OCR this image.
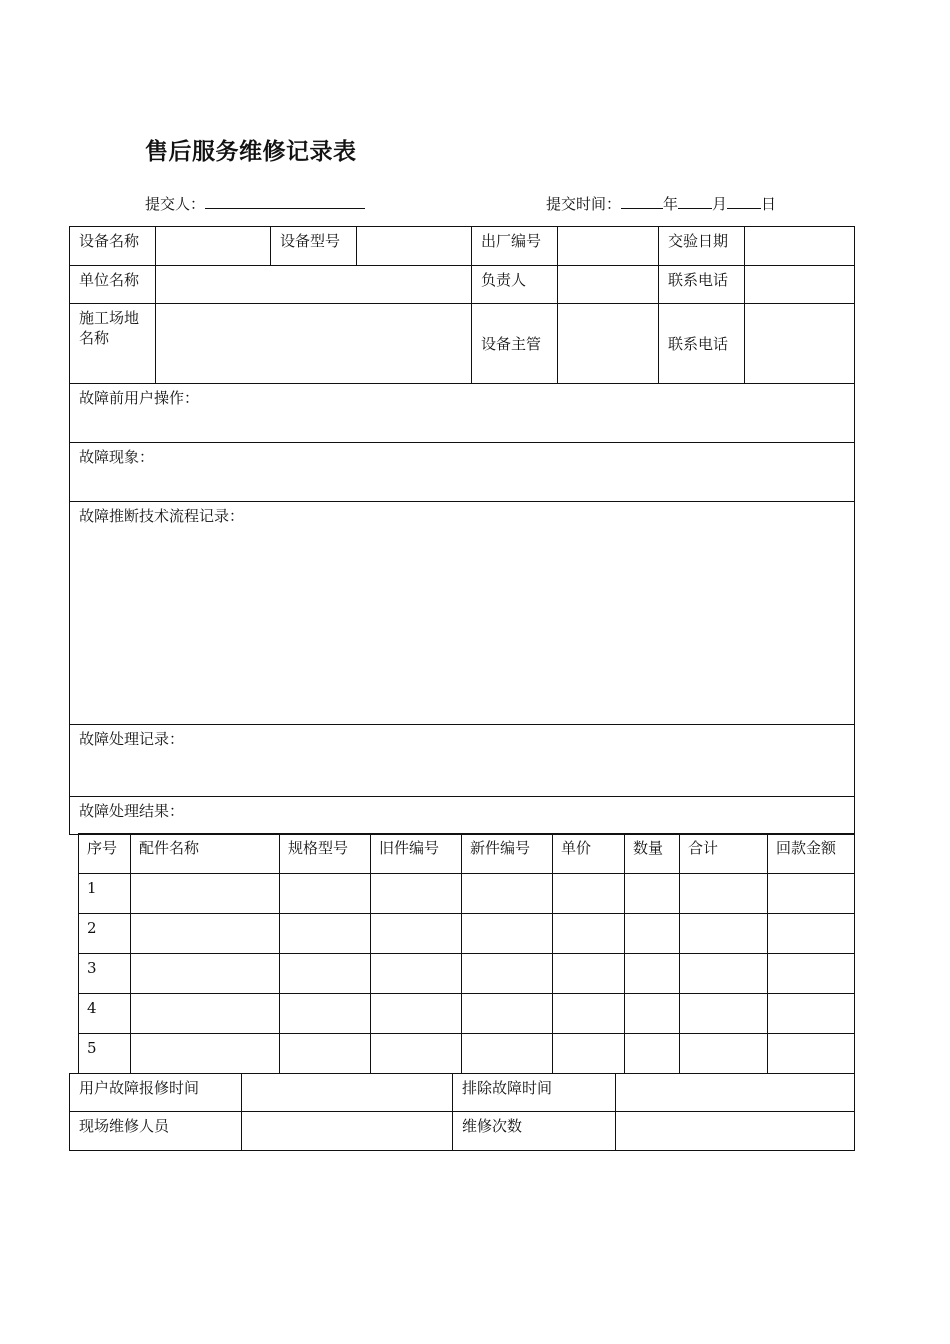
售后服务维修记录表
提交人：	提交时间：	年 月 日
设备名称		设备型号		出厂编号		交验日期	

单位名称				负责人		联系电话	

施工场地
名称				设备主管		联系电话	

故障前用户操作：							

故障现象：							

故障推断技术流程记录：							

故障处理记录：							

故障处理结果：							
序号	配件名称	规格型号	旧件编号	新件编号	单价	数量	合计	回款金额

1								

2								

3								

4								

5								

用户故障报修时间		排除故障时间	

现场维修人员		维修次数	
